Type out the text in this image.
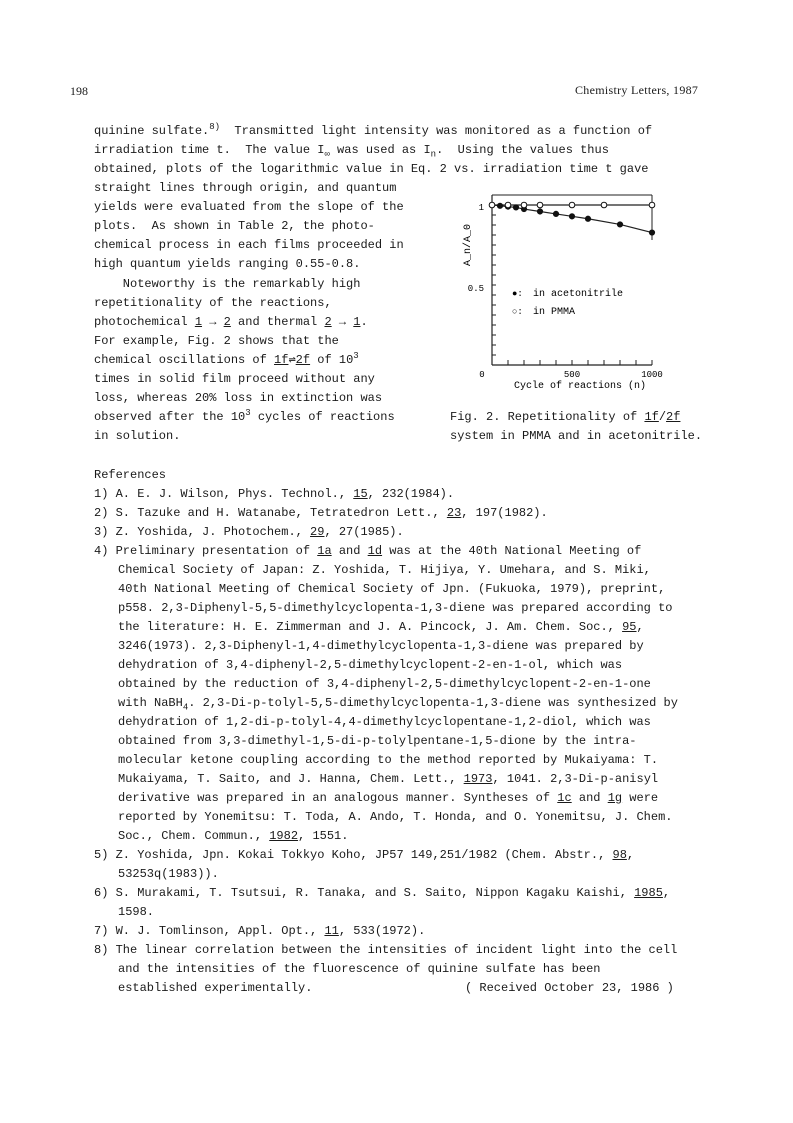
198	Chemistry Letters, 1987
quinine sulfate.$^{8)}$  Transmitted light intensity was monitored as a function of
irradiation time t.  The value $I_\infty$ was used as $I_n$.  Using the values thus
obtained, plots of the logarithmic value in Eq. 2 vs. irradiation time t gave
straight lines through origin, and quantum
yields were evaluated from the slope of the
plots.  As shown in Table 2, the photo-
chemical process in each films proceeded in
high quantum yields ranging 0.55-0.8.
Noteworthy is the remarkably high
repetitionality of the reactions,
photochemical 1 → 2 and thermal 2 → 1.
For example, Fig. 2 shows that the
chemical oscillations of 1f⇌2f of $10^3$
times in solid film proceed without any
loss, whereas 20% loss in extinction was
observed after the $10^3$ cycles of reactions
in solution.
1
0.5
0	500	1000
Cycle of reactions (n)
A_n/A_0
●: in acetonitrile
○: in PMMA
Fig. 2. Repetitionality of 1f/2f
system in PMMA and in acetonitrile.
References
1) A. E. J. Wilson, Phys. Technol., 15, 232(1984).
2) S. Tazuke and H. Watanabe, Tetratedron Lett., 23, 197(1982).
3) Z. Yoshida, J. Photochem., 29, 27(1985).
4) Preliminary presentation of 1a and 1d was at the 40th National Meeting of
Chemical Society of Japan: Z. Yoshida, T. Hijiya, Y. Umehara, and S. Miki,
40th National Meeting of Chemical Society of Jpn. (Fukuoka, 1979), preprint,
p558. 2,3-Diphenyl-5,5-dimethylcyclopenta-1,3-diene was prepared according to
the literature: H. E. Zimmerman and J. A. Pincock, J. Am. Chem. Soc., 95,
3246(1973). 2,3-Diphenyl-1,4-dimethylcyclopenta-1,3-diene was prepared by
dehydration of 3,4-diphenyl-2,5-dimethylcyclopent-2-en-1-ol, which was
obtained by the reduction of 3,4-diphenyl-2,5-dimethylcyclopent-2-en-1-one
with NaBH$_4$. 2,3-Di-p-tolyl-5,5-dimethylcyclopenta-1,3-diene was synthesized by
dehydration of 1,2-di-p-tolyl-4,4-dimethylcyclopentane-1,2-diol, which was
obtained from 3,3-dimethyl-1,5-di-p-tolylpentane-1,5-dione by the intra-
molecular ketone coupling according to the method reported by Mukaiyama: T.
Mukaiyama, T. Saito, and J. Hanna, Chem. Lett., 1973, 1041. 2,3-Di-p-anisyl
derivative was prepared in an analogous manner. Syntheses of 1c and 1g were
reported by Yonemitsu: T. Toda, A. Ando, T. Honda, and O. Yonemitsu, J. Chem.
Soc., Chem. Commun., 1982, 1551.
5) Z. Yoshida, Jpn. Kokai Tokkyo Koho, JP57 149,251/1982 (Chem. Abstr., 98,
53253q(1983)).
6) S. Murakami, T. Tsutsui, R. Tanaka, and S. Saito, Nippon Kagaku Kaishi, 1985,
1598.
7) W. J. Tomlinson, Appl. Opt., 11, 533(1972).
8) The linear correlation between the intensities of incident light into the cell
and the intensities of the fluorescence of quinine sulfate has been
established experimentally.	( Received October 23, 1986 )
